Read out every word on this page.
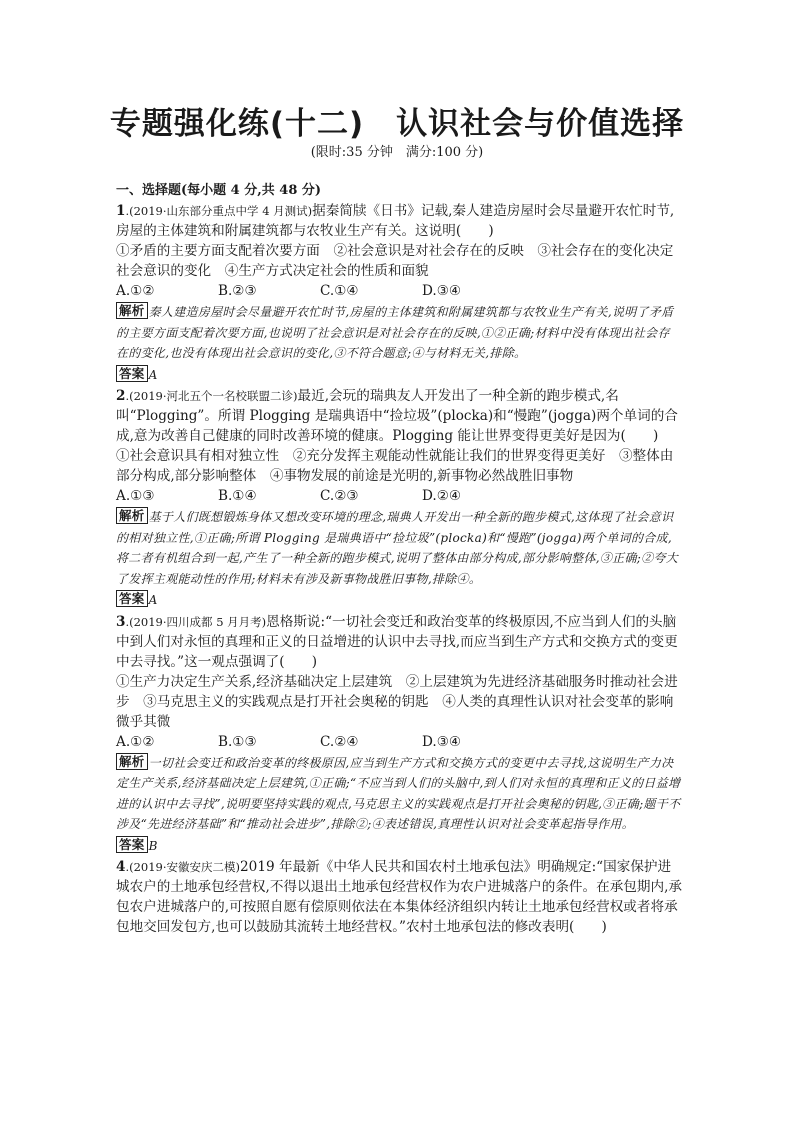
专题强化练(十二)　认识社会与价值选择
(限时:35 分钟　满分:100 分)
一、选择题(每小题 4 分,共 48 分)
1.(2019·山东部分重点中学 4 月测试)据秦简牍《日书》记载,秦人建造房屋时会尽量避开农忙时节,房屋的主体建筑和附属建筑都与农牧业生产有关。这说明(　　)
①矛盾的主要方面支配着次要方面　②社会意识是对社会存在的反映　③社会存在的变化决定社会意识的变化　④生产方式决定社会的性质和面貌
A.①②	B.②③	C.①④	D.③④
解析 秦人建造房屋时会尽量避开农忙时节,房屋的主体建筑和附属建筑都与农牧业生产有关,说明了矛盾的主要方面支配着次要方面,也说明了社会意识是对社会存在的反映,①②正确;材料中没有体现出社会存在的变化,也没有体现出社会意识的变化,③不符合题意;④与材料无关,排除。
答案 A
2.(2019·河北五个一名校联盟二诊)最近,会玩的瑞典友人开发出了一种全新的跑步模式,名叫“Plogging”。所谓 Plogging 是瑞典语中“捡垃圾”(plocka)和“慢跑”(jogga)两个单词的合成,意为改善自己健康的同时改善环境的健康。Plogging 能让世界变得更美好是因为(　　)
①社会意识具有相对独立性　②充分发挥主观能动性就能让我们的世界变得更美好　③整体由部分构成,部分影响整体　④事物发展的前途是光明的,新事物必然战胜旧事物
A.①③	B.①④	C.②③	D.②④
解析 基于人们既想锻炼身体又想改变环境的理念,瑞典人开发出一种全新的跑步模式,这体现了社会意识的相对独立性,①正确;所谓 Plogging 是瑞典语中“捡垃圾”(plocka)和“慢跑”(jogga)两个单词的合成,将二者有机组合到一起,产生了一种全新的跑步模式,说明了整体由部分构成,部分影响整体,③正确;②夸大了发挥主观能动性的作用;材料未有涉及新事物战胜旧事物,排除④。
答案 A
3.(2019·四川成都 5 月月考)恩格斯说:“一切社会变迁和政治变革的终极原因,不应当到人们的头脑中到人们对永恒的真理和正义的日益增进的认识中去寻找,而应当到生产方式和交换方式的变更中去寻找。”这一观点强调了(　　)
①生产力决定生产关系,经济基础决定上层建筑　②上层建筑为先进经济基础服务时推动社会进步　③马克思主义的实践观点是打开社会奥秘的钥匙　④人类的真理性认识对社会变革的影响微乎其微
A.①②	B.①③	C.②④	D.③④
解析 一切社会变迁和政治变革的终极原因,应当到生产方式和交换方式的变更中去寻找,这说明生产力决定生产关系,经济基础决定上层建筑,①正确;“不应当到人们的头脑中,到人们对永恒的真理和正义的日益增进的认识中去寻找”,说明要坚持实践的观点,马克思主义的实践观点是打开社会奥秘的钥匙,③正确;题干不涉及“先进经济基础”和“推动社会进步”,排除②;④表述错误,真理性认识对社会变革起指导作用。
答案 B
4.(2019·安徽安庆二模)2019 年最新《中华人民共和国农村土地承包法》明确规定:“国家保护进城农户的土地承包经营权,不得以退出土地承包经营权作为农户进城落户的条件。在承包期内,承包农户进城落户的,可按照自愿有偿原则依法在本集体经济组织内转让土地承包经营权或者将承包地交回发包方,也可以鼓励其流转土地经营权。”农村土地承包法的修改表明(　　)
